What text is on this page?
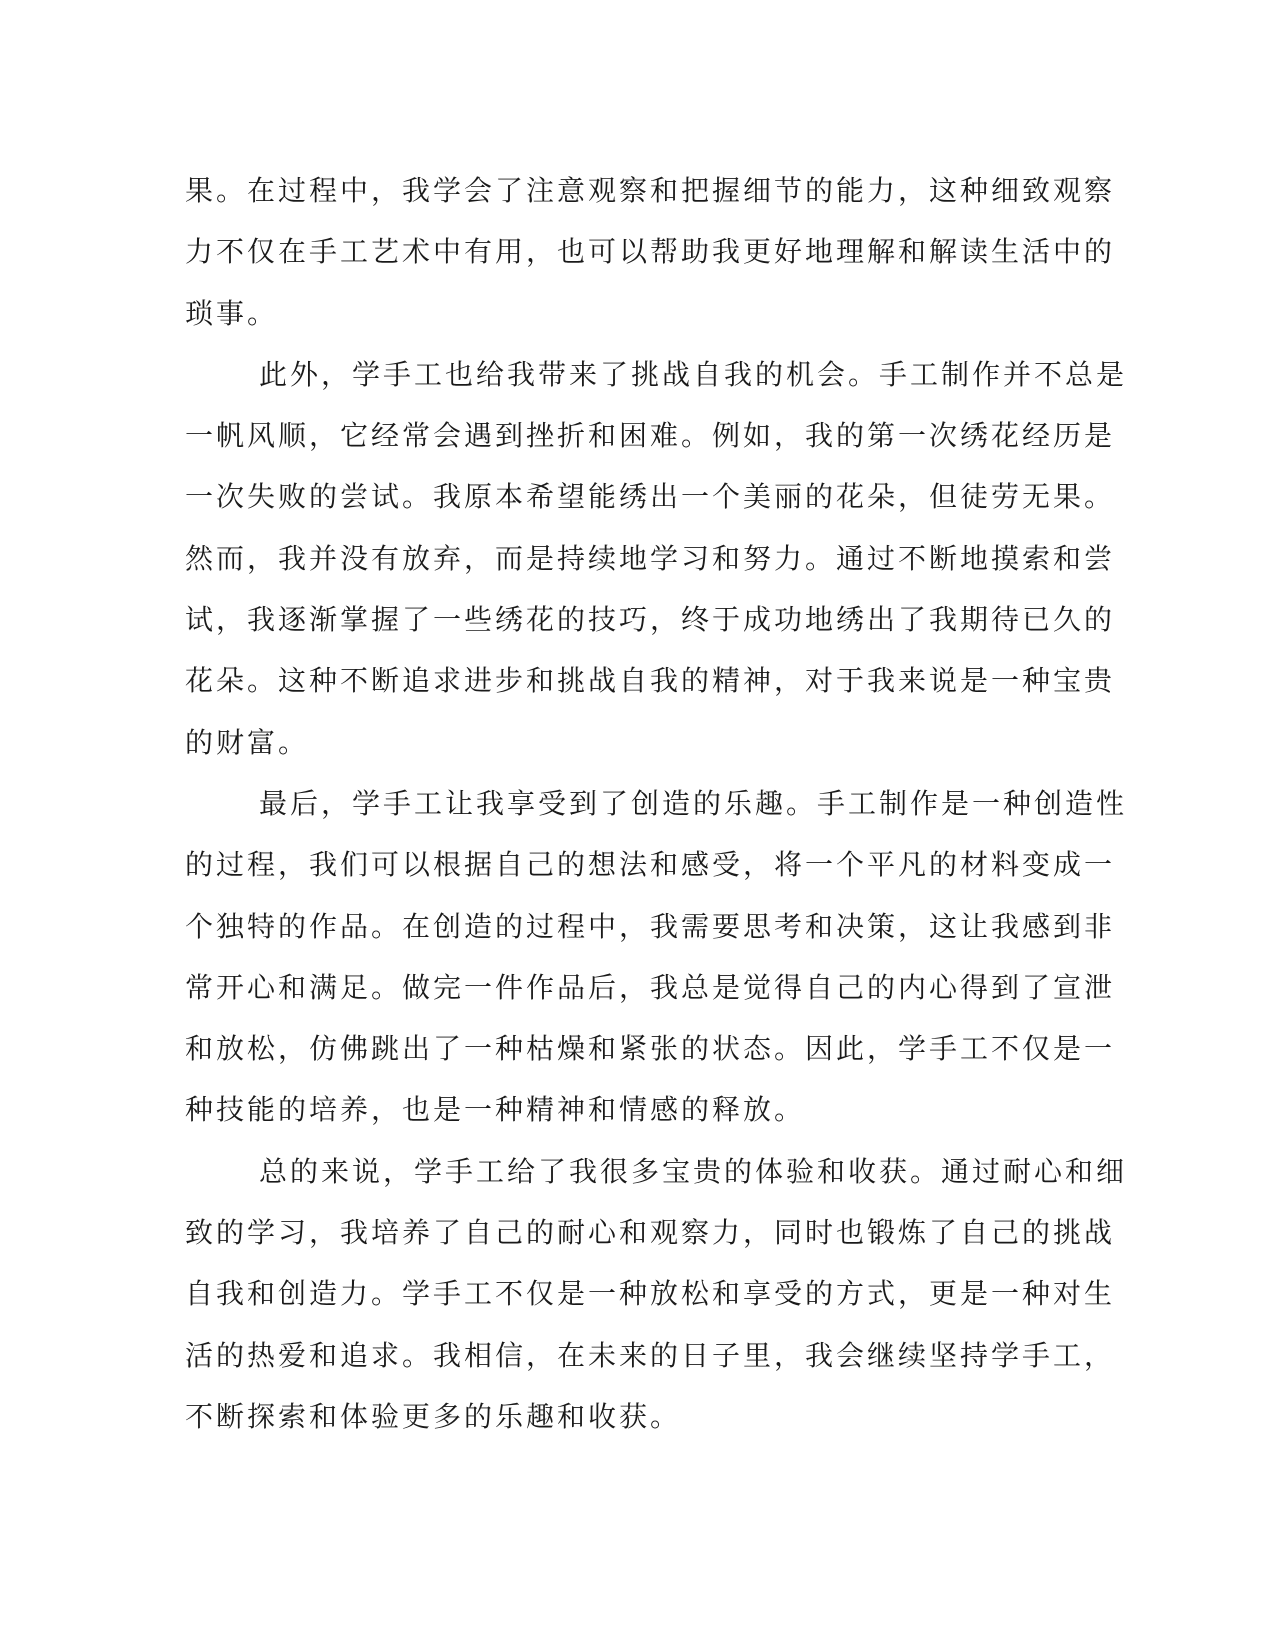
果。在过程中，我学会了注意观察和把握细节的能力，这种细致观察
力不仅在手工艺术中有用，也可以帮助我更好地理解和解读生活中的
琐事。
此外，学手工也给我带来了挑战自我的机会。手工制作并不总是
一帆风顺，它经常会遇到挫折和困难。例如，我的第一次绣花经历是
一次失败的尝试。我原本希望能绣出一个美丽的花朵，但徒劳无果。
然而，我并没有放弃，而是持续地学习和努力。通过不断地摸索和尝
试，我逐渐掌握了一些绣花的技巧，终于成功地绣出了我期待已久的
花朵。这种不断追求进步和挑战自我的精神，对于我来说是一种宝贵
的财富。
最后，学手工让我享受到了创造的乐趣。手工制作是一种创造性
的过程，我们可以根据自己的想法和感受，将一个平凡的材料变成一
个独特的作品。在创造的过程中，我需要思考和决策，这让我感到非
常开心和满足。做完一件作品后，我总是觉得自己的内心得到了宣泄
和放松，仿佛跳出了一种枯燥和紧张的状态。因此，学手工不仅是一
种技能的培养，也是一种精神和情感的释放。
总的来说，学手工给了我很多宝贵的体验和收获。通过耐心和细
致的学习，我培养了自己的耐心和观察力，同时也锻炼了自己的挑战
自我和创造力。学手工不仅是一种放松和享受的方式，更是一种对生
活的热爱和追求。我相信，在未来的日子里，我会继续坚持学手工，
不断探索和体验更多的乐趣和收获。
